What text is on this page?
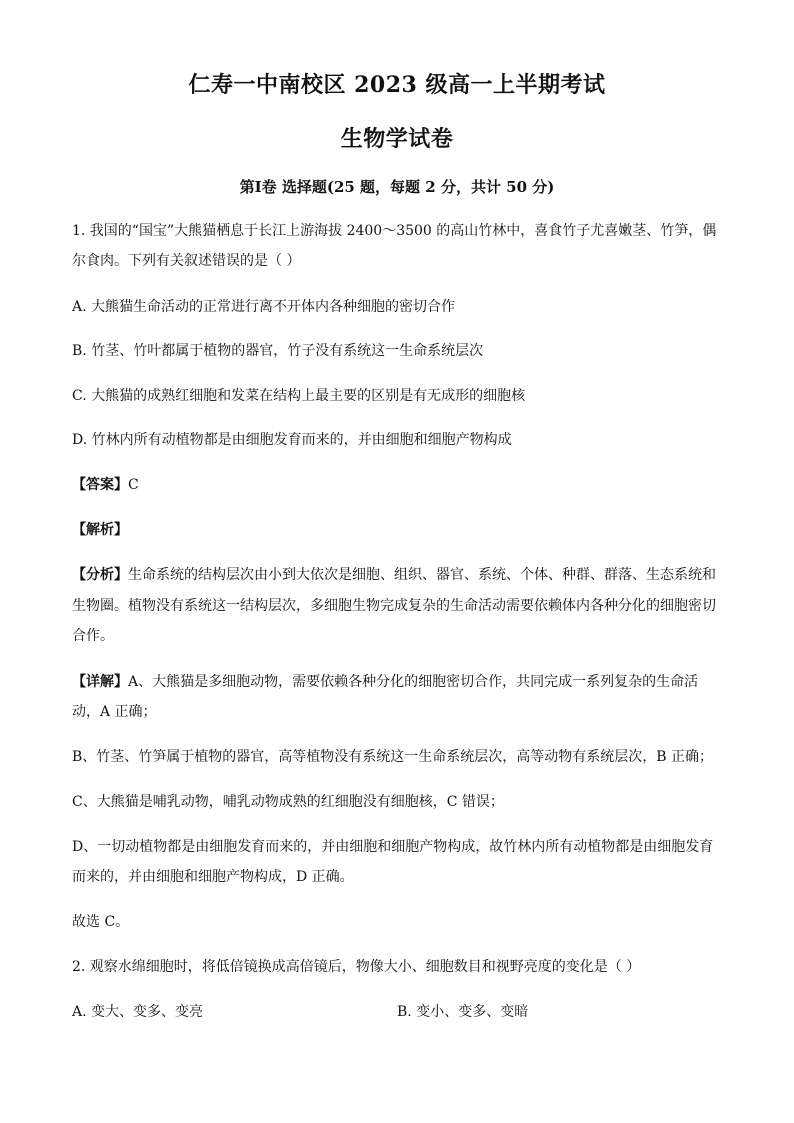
仁寿一中南校区 2023 级高一上半期考试
生物学试卷
第Ⅰ卷 选择题(25 题，每题 2 分，共计 50 分)
1. 我国的“国宝”大熊猫栖息于长江上游海拔 2400～3500 的高山竹林中，喜食竹子尤喜嫩茎、竹笋，偶
尔食肉。下列有关叙述错误的是（ ）
A. 大熊猫生命活动的正常进行离不开体内各种细胞的密切合作
B. 竹茎、竹叶都属于植物的器官，竹子没有系统这一生命系统层次
C. 大熊猫的成熟红细胞和发菜在结构上最主要的区别是有无成形的细胞核
D. 竹林内所有动植物都是由细胞发育而来的，并由细胞和细胞产物构成
【答案】C
【解析】
【分析】生命系统的结构层次由小到大依次是细胞、组织、器官、系统、个体、种群、群落、生态系统和
生物圈。植物没有系统这一结构层次，多细胞生物完成复杂的生命活动需要依赖体内各种分化的细胞密切
合作。
【详解】A、大熊猫是多细胞动物，需要依赖各种分化的细胞密切合作，共同完成一系列复杂的生命活
动，A 正确；
B、竹茎、竹笋属于植物的器官，高等植物没有系统这一生命系统层次，高等动物有系统层次，B 正确；
C、大熊猫是哺乳动物，哺乳动物成熟的红细胞没有细胞核，C 错误；
D、一切动植物都是由细胞发育而来的，并由细胞和细胞产物构成，故竹林内所有动植物都是由细胞发育
而来的，并由细胞和细胞产物构成，D 正确。
故选 C。
2. 观察水绵细胞时，将低倍镜换成高倍镜后，物像大小、细胞数目和视野亮度的变化是（ ）
A. 变大、变多、变亮	B. 变小、变多、变暗
